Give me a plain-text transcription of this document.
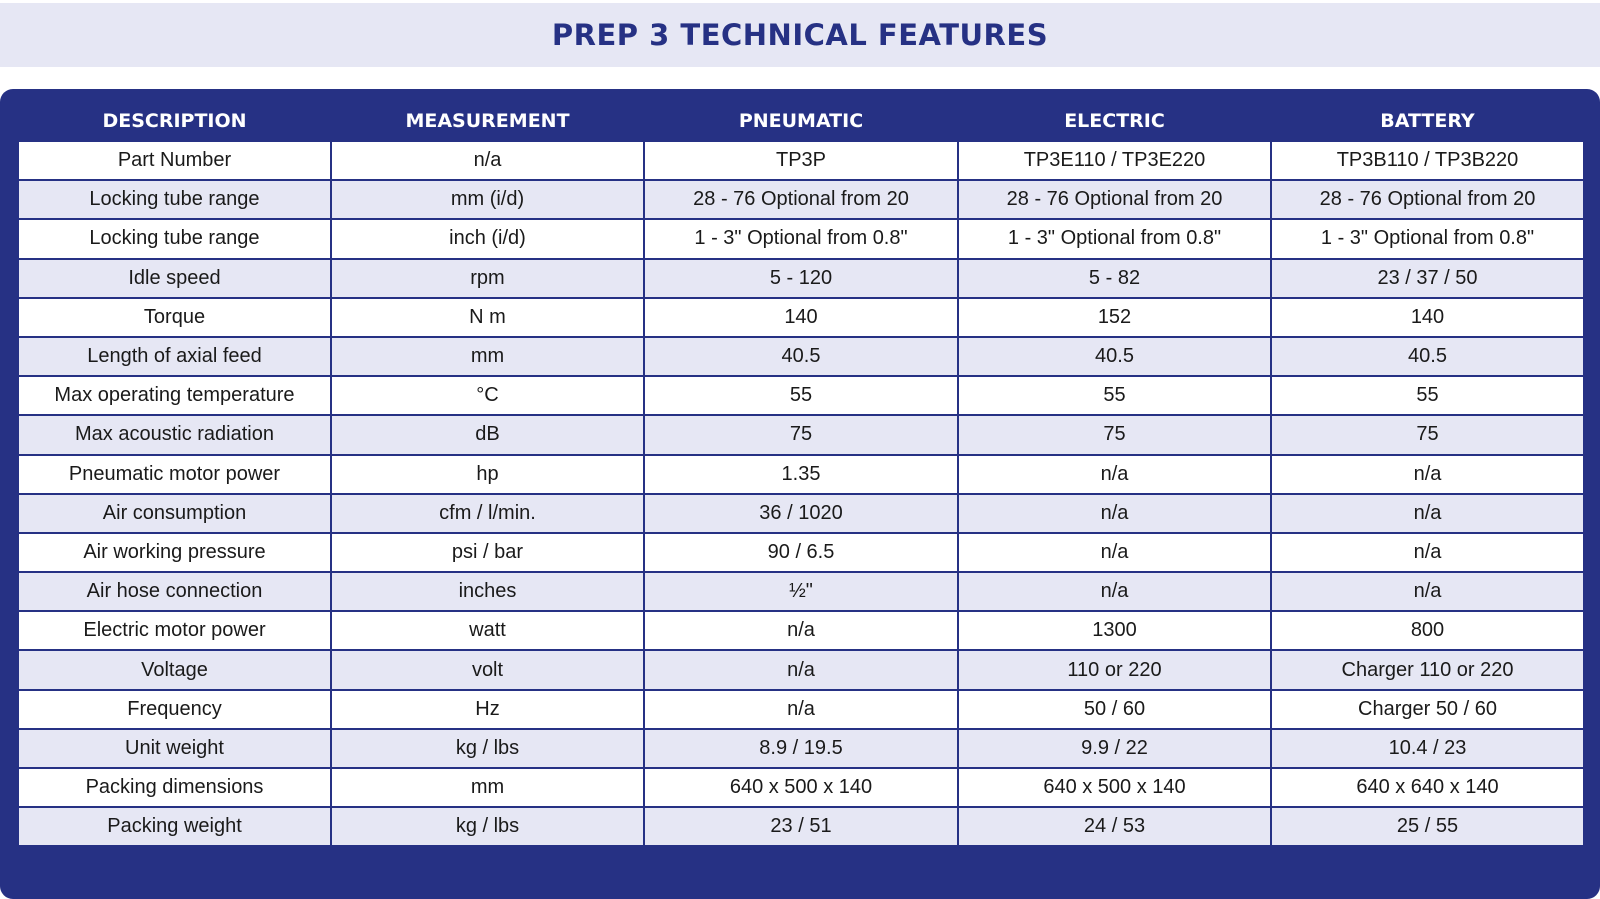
PREP 3 TECHNICAL FEATURES
DESCRIPTION	MEASUREMENT	PNEUMATIC	ELECTRIC	BATTERY
Part Number	n/a	TP3P	TP3E110 / TP3E220	TP3B110 / TP3B220
Locking tube range	mm (i/d)	28 - 76 Optional from 20	28 - 76 Optional from 20	28 - 76 Optional from 20
Locking tube range	inch (i/d)	1 - 3" Optional from 0.8"	1 - 3" Optional from 0.8"	1 - 3" Optional from 0.8"
Idle speed	rpm	5 - 120	5 - 82	23 / 37 / 50
Torque	N m	140	152	140
Length of axial feed	mm	40.5	40.5	40.5
Max operating temperature	°C	55	55	55
Max acoustic radiation	dB	75	75	75
Pneumatic motor power	hp	1.35	n/a	n/a
Air consumption	cfm / l/min.	36 / 1020	n/a	n/a
Air working pressure	psi / bar	90 / 6.5	n/a	n/a
Air hose connection	inches	½"	n/a	n/a
Electric motor power	watt	n/a	1300	800
Voltage	volt	n/a	110 or 220	Charger 110 or 220
Frequency	Hz	n/a	50 / 60	Charger 50 / 60
Unit weight	kg / lbs	8.9 / 19.5	9.9 / 22	10.4 / 23
Packing dimensions	mm	640 x 500 x 140	640 x 500 x 140	640 x 640 x 140
Packing weight	kg / lbs	23 / 51	24 / 53	25 / 55
